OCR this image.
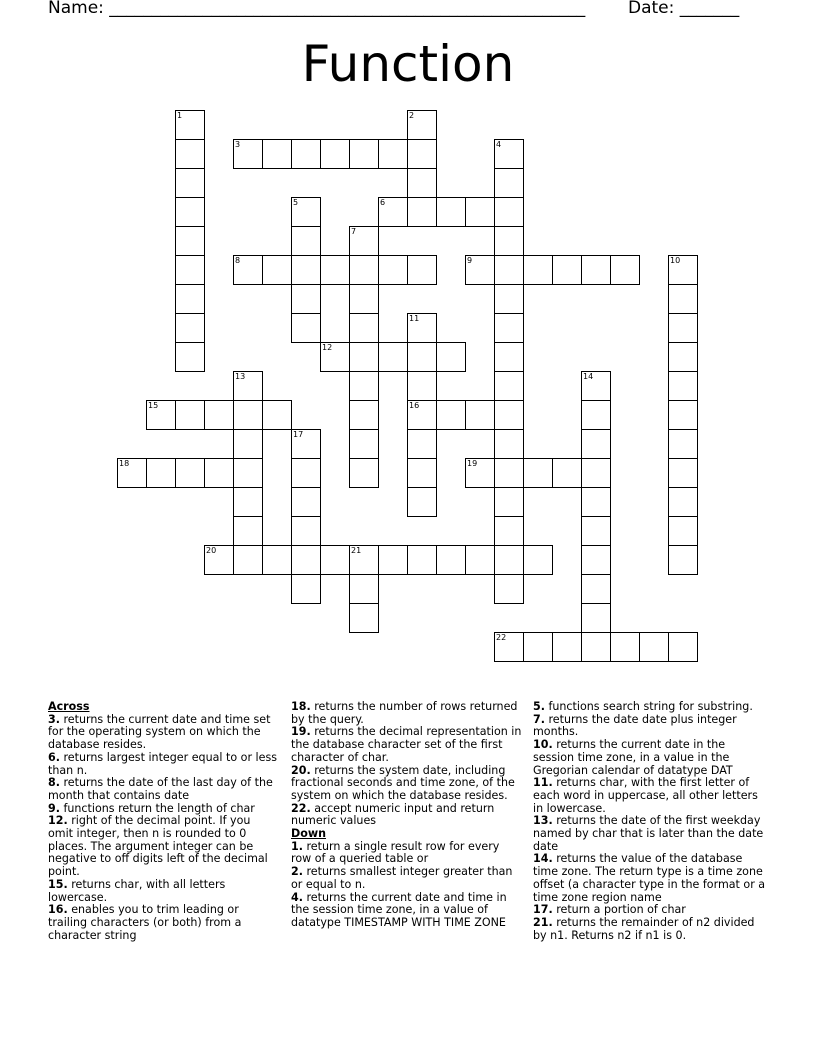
Name: ________________________________________________________	Date: _______
Function
1	2
3	4
5	6
7
8	9	10
11
16
12
13	14
15
17
18	19
20	21
22
Across
3. returns the current date and time set for the operating system on which the database resides.
6. returns largest integer equal to or less than n.
8. returns the date of the last day of the month that contains date
9. functions return the length of char
12. right of the decimal point. If you omit integer, then n is rounded to 0 places. The argument integer can be negative to off digits left of the decimal point.
15. returns char, with all letters lowercase.
16. enables you to trim leading or trailing characters (or both) from a character string
18. returns the number of rows returned by the query.
19. returns the decimal representation in the database character set of the first character of char.
20. returns the system date, including fractional seconds and time zone, of the system on which the database resides.
22. accept numeric input and return numeric values
Down
1. return a single result row for every row of a queried table or
2. returns smallest integer greater than or equal to n.
4. returns the current date and time in the session time zone, in a value of datatype TIMESTAMP WITH TIME ZONE
5. functions search string for substring.
7. returns the date date plus integer months.
10. returns the current date in the session time zone, in a value in the Gregorian calendar of datatype DAT
11. returns char, with the first letter of each word in uppercase, all other letters in lowercase.
13. returns the date of the first weekday named by char that is later than the date date
14. returns the value of the database time zone. The return type is a time zone offset (a character type in the format or a time zone region name
17. return a portion of char
21. returns the remainder of n2 divided by n1. Returns n2 if n1 is 0.
